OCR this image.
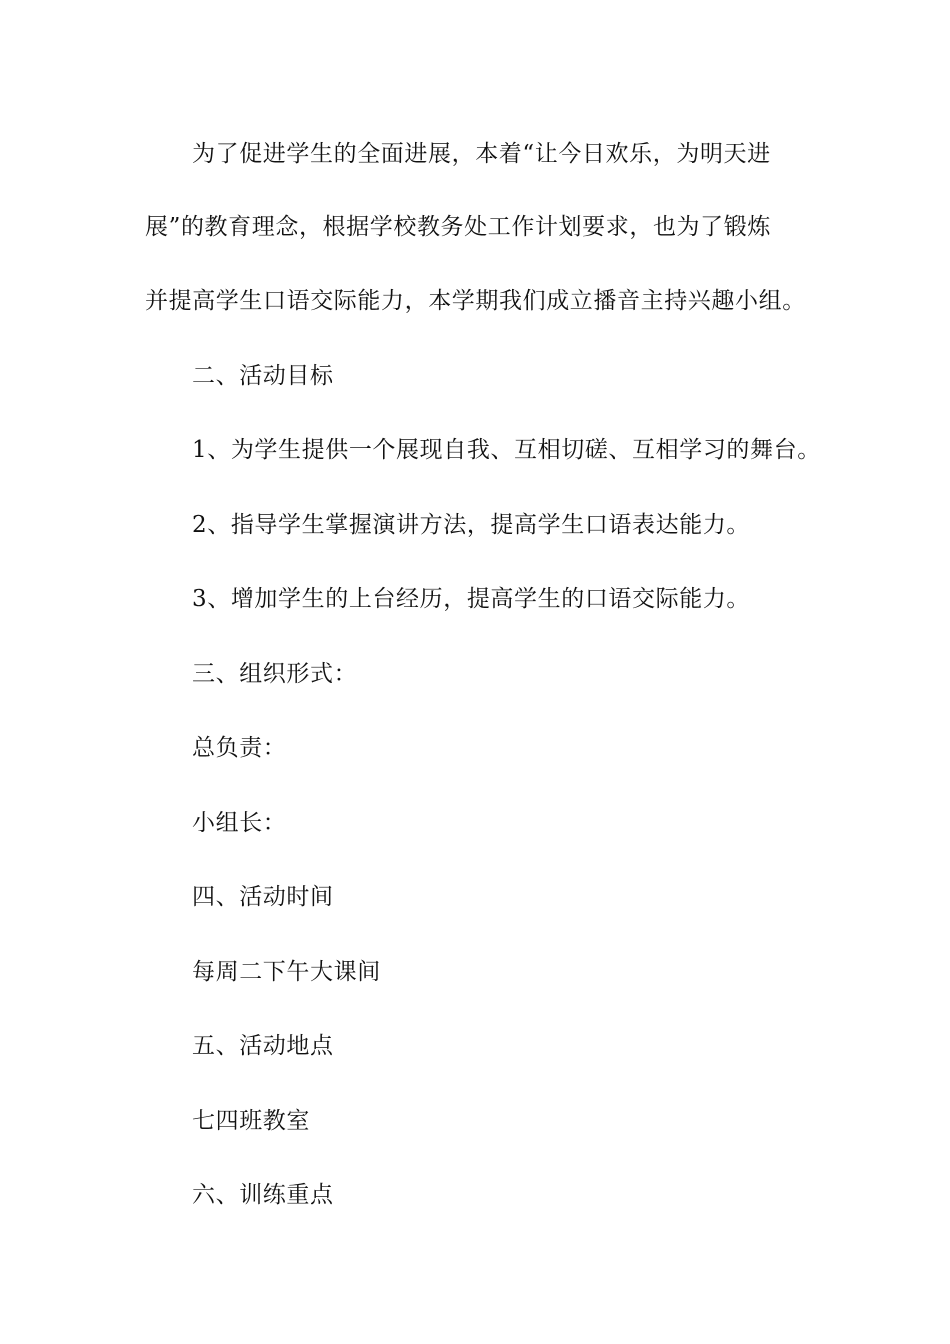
为了促进学生的全面进展，本着“让今日欢乐，为明天进
展”的教育理念，根据学校教务处工作计划要求，也为了锻炼
并提高学生口语交际能力，本学期我们成立播音主持兴趣小组。
二、活动目标
1、为学生提供一个展现自我、互相切磋、互相学习的舞台。
2、指导学生掌握演讲方法，提高学生口语表达能力。
3、增加学生的上台经历，提高学生的口语交际能力。
三、组织形式：
总负责：
小组长：
四、活动时间
每周二下午大课间
五、活动地点
七四班教室
六、训练重点
